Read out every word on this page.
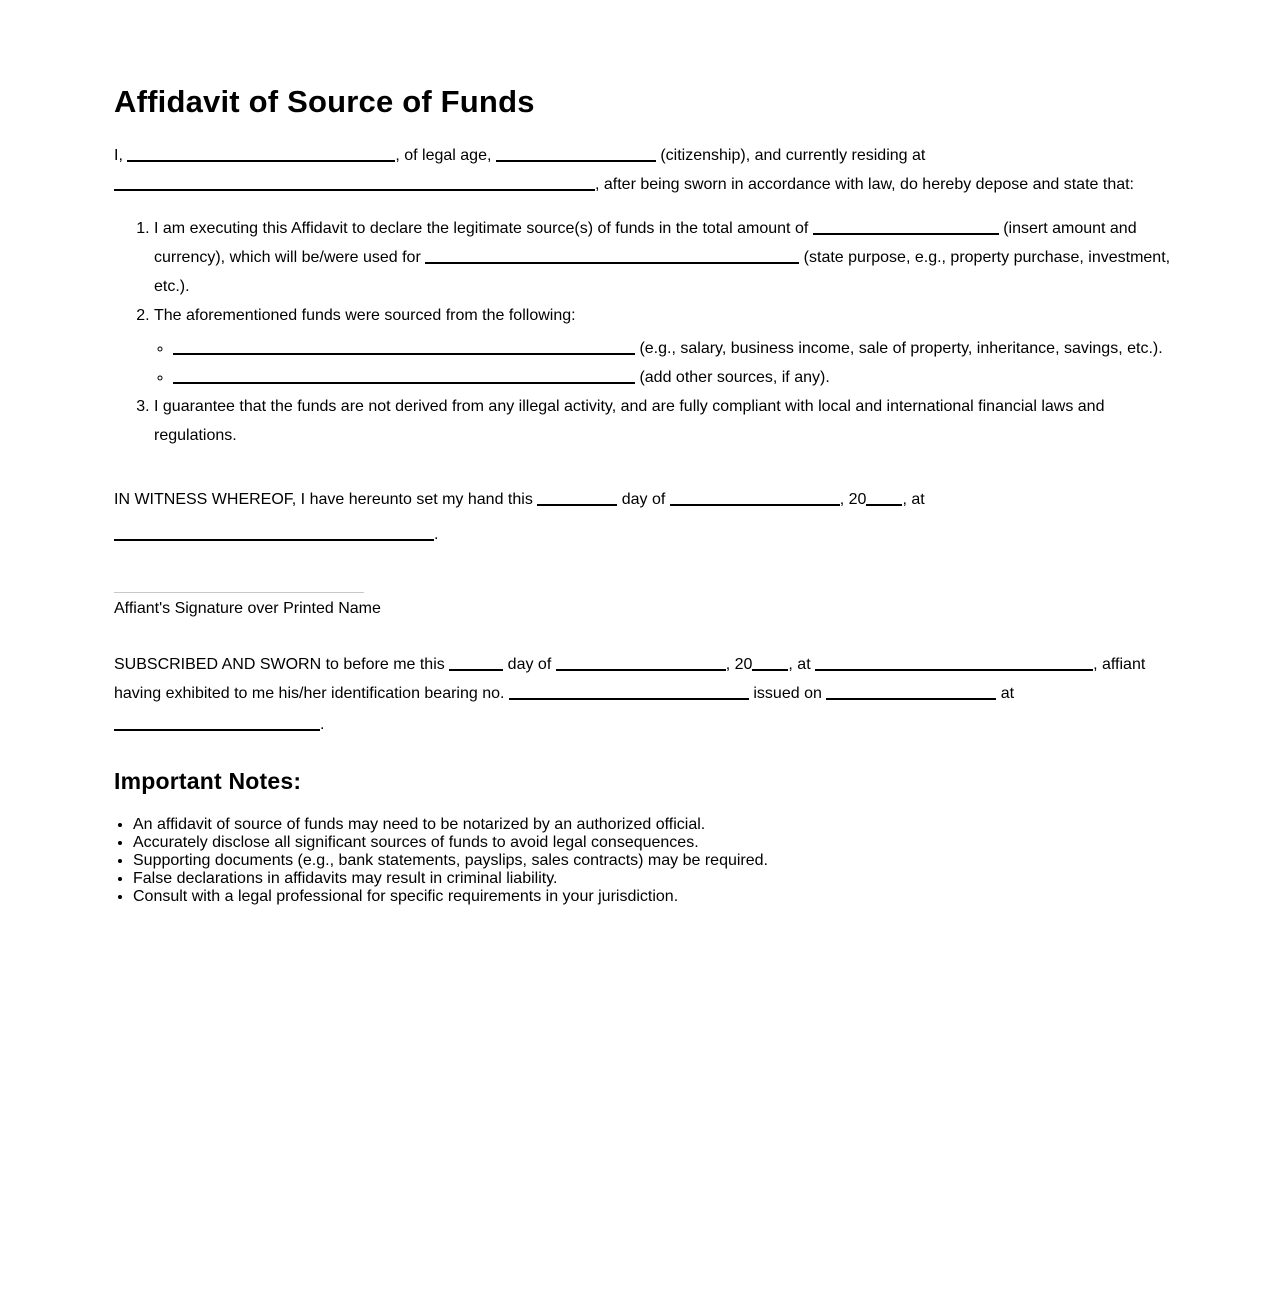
Affidavit of Source of Funds
I,	, of legal age,	(citizenship), and currently residing at
, after being sworn in accordance with law, do hereby depose and state that:
1. I am executing this Affidavit to declare the legitimate source(s) of funds in the total amount of	(insert amount and currency), which will be/were used for	(state purpose, e.g., property purchase, investment, etc.).
2. The aforementioned funds were sourced from the following:
◦ (e.g., salary, business income, sale of property, inheritance, savings, etc.).
◦ (add other sources, if any).
3. I guarantee that the funds are not derived from any illegal activity, and are fully compliant with local and international financial laws and regulations.
IN WITNESS WHEREOF, I have hereunto set my hand this	day of	, 20 , at
.
Affiant's Signature over Printed Name
SUBSCRIBED AND SWORN to before me this	day of	, 20 , at	, affiant
having exhibited to me his/her identification bearing no.	issued on	at
.
Important Notes:
• An affidavit of source of funds may need to be notarized by an authorized official.
• Accurately disclose all significant sources of funds to avoid legal consequences.
• Supporting documents (e.g., bank statements, payslips, sales contracts) may be required.
• False declarations in affidavits may result in criminal liability.
• Consult with a legal professional for specific requirements in your jurisdiction.
